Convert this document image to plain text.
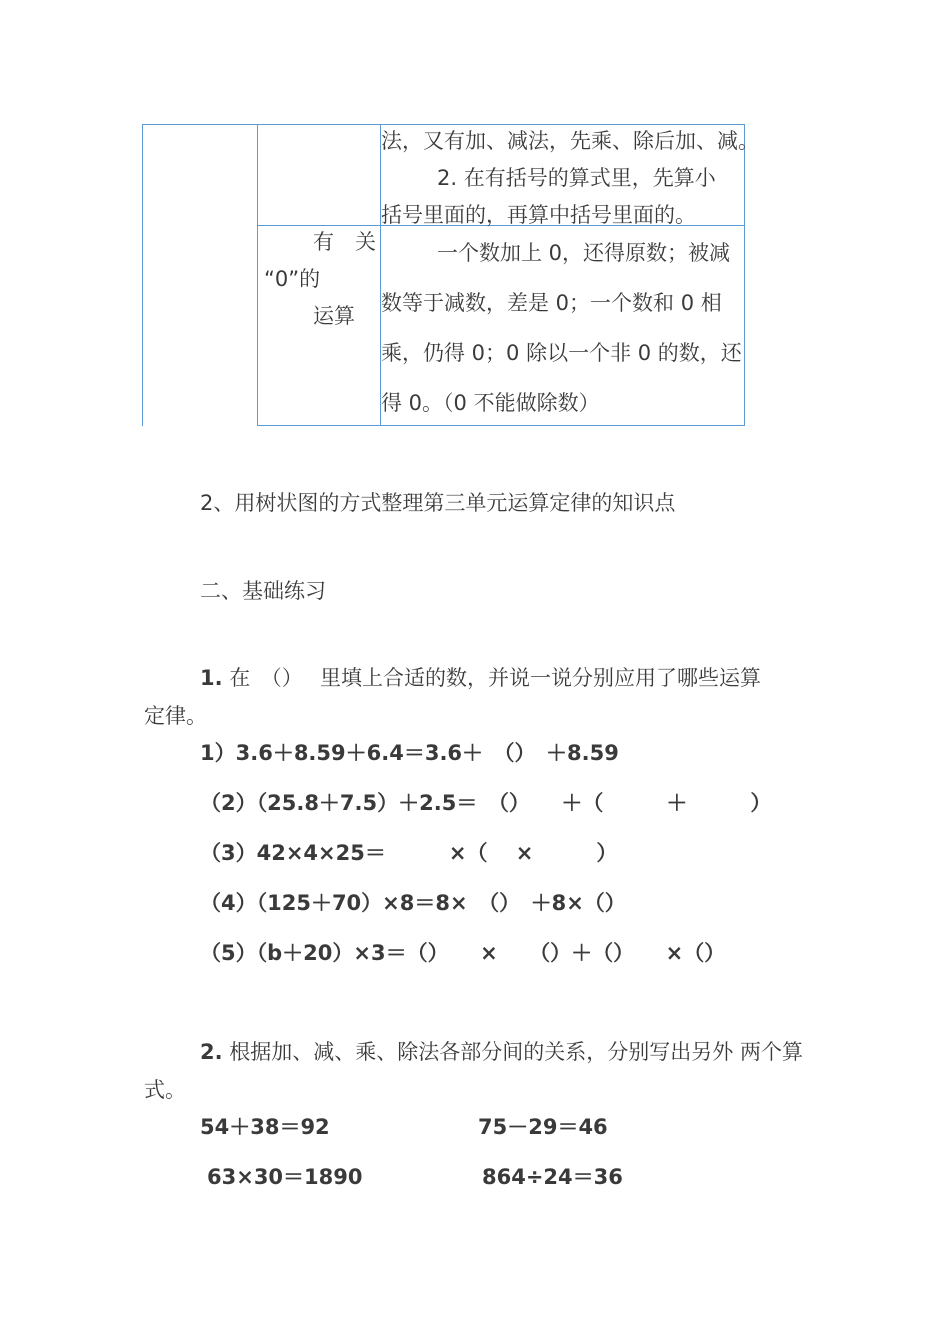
法，又有加、减法，先乘、除后加、减。
2. 在有括号的算式里，先算小
括号里面的，再算中括号里面的。
有　关
“0”的
运算
一个数加上 0，还得原数；被减
数等于减数，差是 0；一个数和 0 相
乘，仍得 0；0 除以一个非 0 的数，还
得 0。（0 不能做除数）
2、用树状图的方式整理第三单元运算定律的知识点
二、基础练习
1. 在　（）　 里填上合适的数，并说一说分别应用了哪些运算
定律。
1）3.6＋8.59＋6.4＝3.6＋　（）　＋8.59
（2）（25.8＋7.5）＋2.5＝　（）　　＋（　　　＋　　　）
（3）42×4×25＝　　　×（　 ×　　　）
（4）（125＋70）×8＝8×　（）　＋8×（）
（5）（b＋20）×3＝（）　　×　　（）＋（）　　×（）
2. 根据加、减、乘、除法各部分间的关系，分别写出另外 两个算
式。
54＋38＝92	75－29＝46
63×30＝1890	864÷24＝36
